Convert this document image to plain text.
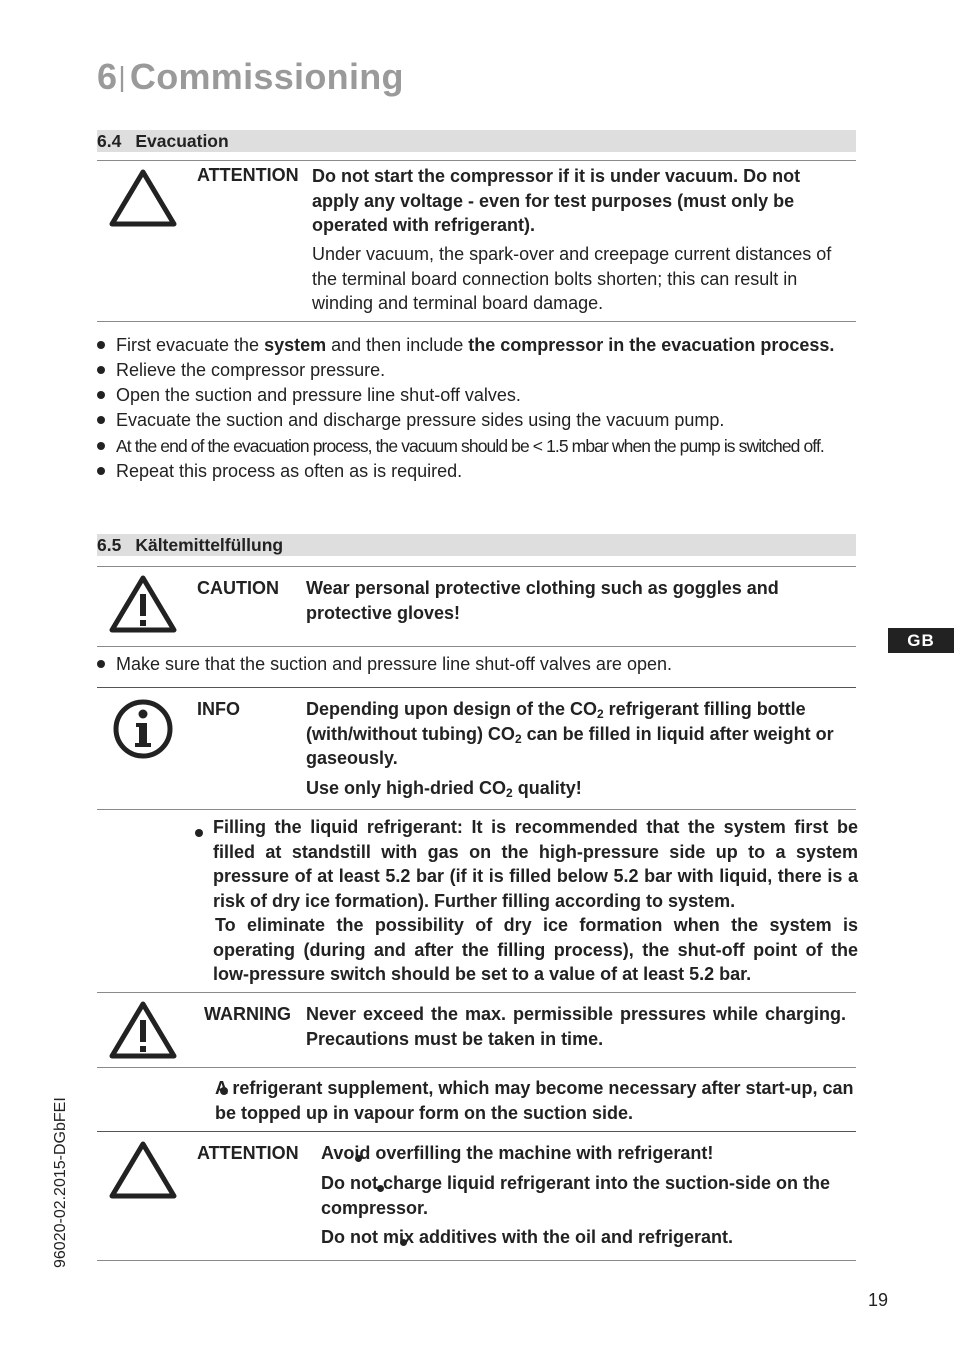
6| Commissioning
6.4 Evacuation
ATTENTION Do not start the compressor if it is under vacuum. Do not apply any voltage - even for test purposes (must only be operated with refrigerant).
Under vacuum, the spark-over and creepage current distances of the terminal board connection bolts shorten; this can result in winding and terminal board damage.
First evacuate the system and then include the compressor in the evacuation process.
Relieve the compressor pressure.
Open the suction and pressure line shut-off valves.
Evacuate the suction and discharge pressure sides using the vacuum pump.
At the end of the evacuation process, the vacuum should be < 1.5 mbar when the pump is switched off.
Repeat this process as often as is required.
6.5 Kältemittelfüllung
CAUTION Wear personal protective clothing such as goggles and protective gloves!
Make sure that the suction and pressure line shut-off valves are open.
INFO	Depending upon design of the $CO_2$ refrigerant filling bottle
(with/without tubing) $CO_2$ can be filled in liquid after weight or
gaseously.
Use only high-dried $CO_2$ quality!

Filling the liquid refrigerant: It is recommended that the system first be filled at standstill with gas on the high-pressure side up to a system pressure of at least 5.2 bar (if it is filled below 5.2 bar with liquid, there is a risk of dry ice formation). Further filling according to system.
To eliminate the possibility of dry ice formation when the system is operating (during and after the filling process), the shut-off point of the low-pressure switch should be set to a value of at least 5.2 bar.
WARNING Never exceed the max. permissible pressures while charging. Precautions must be taken in time.

A refrigerant supplement, which may become necessary after start-up, can be topped up in vapour form on the suction side.
ATTENTION
Avoid overfilling the machine with refrigerant!

Do not charge liquid refrigerant into the suction-side on the compressor.
Do not mix additives with the oil and refrigerant.
GB
19
96020-02.2015-DGbFEI
